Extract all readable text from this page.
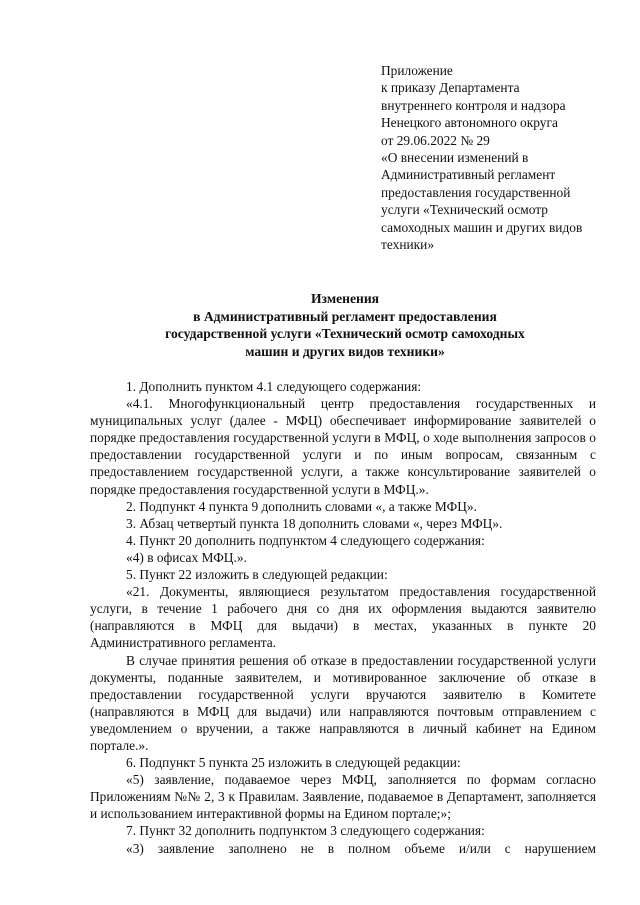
Приложение
к приказу Департамента
внутреннего контроля и надзора
Ненецкого автономного округа
от 29.06.2022 № 29
«О внесении изменений в
Административный регламент
предоставления государственной
услуги «Технический осмотр
самоходных машин и других видов
техники»
Изменения
в Административный регламент предоставления
государственной услуги «Технический осмотр самоходных
машин и других видов техники»

1. Дополнить пунктом 4.1 следующего содержания:

«4.1. Многофункциональный центр предоставления государственных и муниципальных услуг (далее - МФЦ) обеспечивает информирование заявителей о порядке предоставления государственной услуги в МФЦ, о ходе выполнения запросов о предоставлении государственной услуги и по иным вопросам, связанным с предоставлением государственной услуги, а также консультирование заявителей о порядке предоставления государственной услуги в МФЦ.».

2. Подпункт 4 пункта 9 дополнить словами «, а также МФЦ».

3. Абзац четвертый пункта 18 дополнить словами «, через МФЦ».

4. Пункт 20 дополнить подпунктом 4 следующего содержания:

«4) в офисах МФЦ.».

5. Пункт 22 изложить в следующей редакции:

«21. Документы, являющиеся результатом предоставления государственной услуги, в течение 1 рабочего дня со дня их оформления выдаются заявителю (направляются в МФЦ для выдачи) в местах, указанных в пункте 20 Административного регламента.

В случае принятия решения об отказе в предоставлении государственной услуги документы, поданные заявителем, и мотивированное заключение об отказе в предоставлении государственной услуги вручаются заявителю в Комитете (направляются в МФЦ для выдачи) или направляются почтовым отправлением с уведомлением о вручении, а также направляются в личный кабинет на Едином портале.».

6. Подпункт 5 пункта 25 изложить в следующей редакции:

«5) заявление, подаваемое через МФЦ, заполняется по формам согласно Приложениям №№ 2, 3 к Правилам. Заявление, подаваемое в Департамент, заполняется и использованием интерактивной формы на Едином портале;»;

7. Пункт 32 дополнить подпунктом 3 следующего содержания:

«3) заявление заполнено не в полном объеме и/или с нарушением
